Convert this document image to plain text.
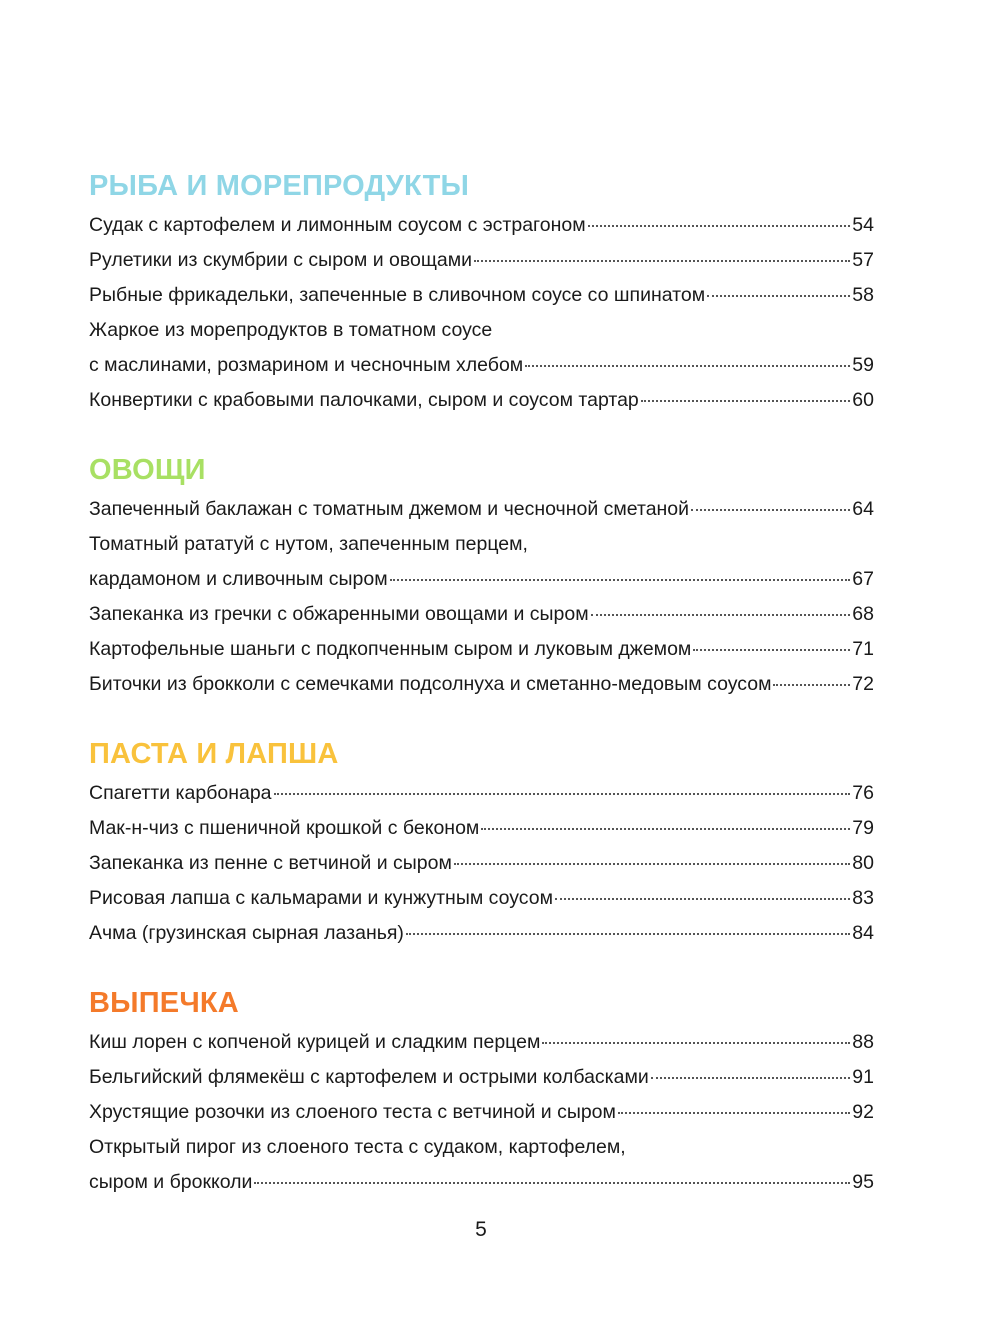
РЫБА И МОРЕПРОДУКТЫ
Судак с картофелем и лимонным соусом с эстрагоном	54
Рулетики из скумбрии с сыром и овощами	57
Рыбные фрикадельки, запеченные в сливочном соусе со шпинатом	58
Жаркое из морепродуктов в томатном соусе
с маслинами, розмарином и чесночным хлебом	59
Конвертики с крабовыми палочками, сыром и соусом тартар	60
ОВОЩИ
Запеченный баклажан с томатным джемом и чесночной сметаной	64
Томатный рататуй с нутом, запеченным перцем,
кардамоном и сливочным сыром	67
Запеканка из гречки с обжаренными овощами и сыром	68
Картофельные шаньги с подкопченным сыром и луковым джемом	71
Биточки из брокколи с семечками подсолнуха и сметанно-медовым соусом	72
ПАСТА И ЛАПША
Спагетти карбонара	76
Мак-н-чиз с пшеничной крошкой с беконом	79
Запеканка из пенне с ветчиной и сыром	80
Рисовая лапша с кальмарами и кунжутным соусом	83
Ачма (грузинская сырная лазанья)	84
ВЫПЕЧКА
Киш лорен с копченой курицей и сладким перцем	88
Бельгийский флямекёш с картофелем и острыми колбасками	91
Хрустящие розочки из слоеного теста с ветчиной и сыром	92
Открытый пирог из слоеного теста с судаком, картофелем,
сыром и брокколи	95
5
